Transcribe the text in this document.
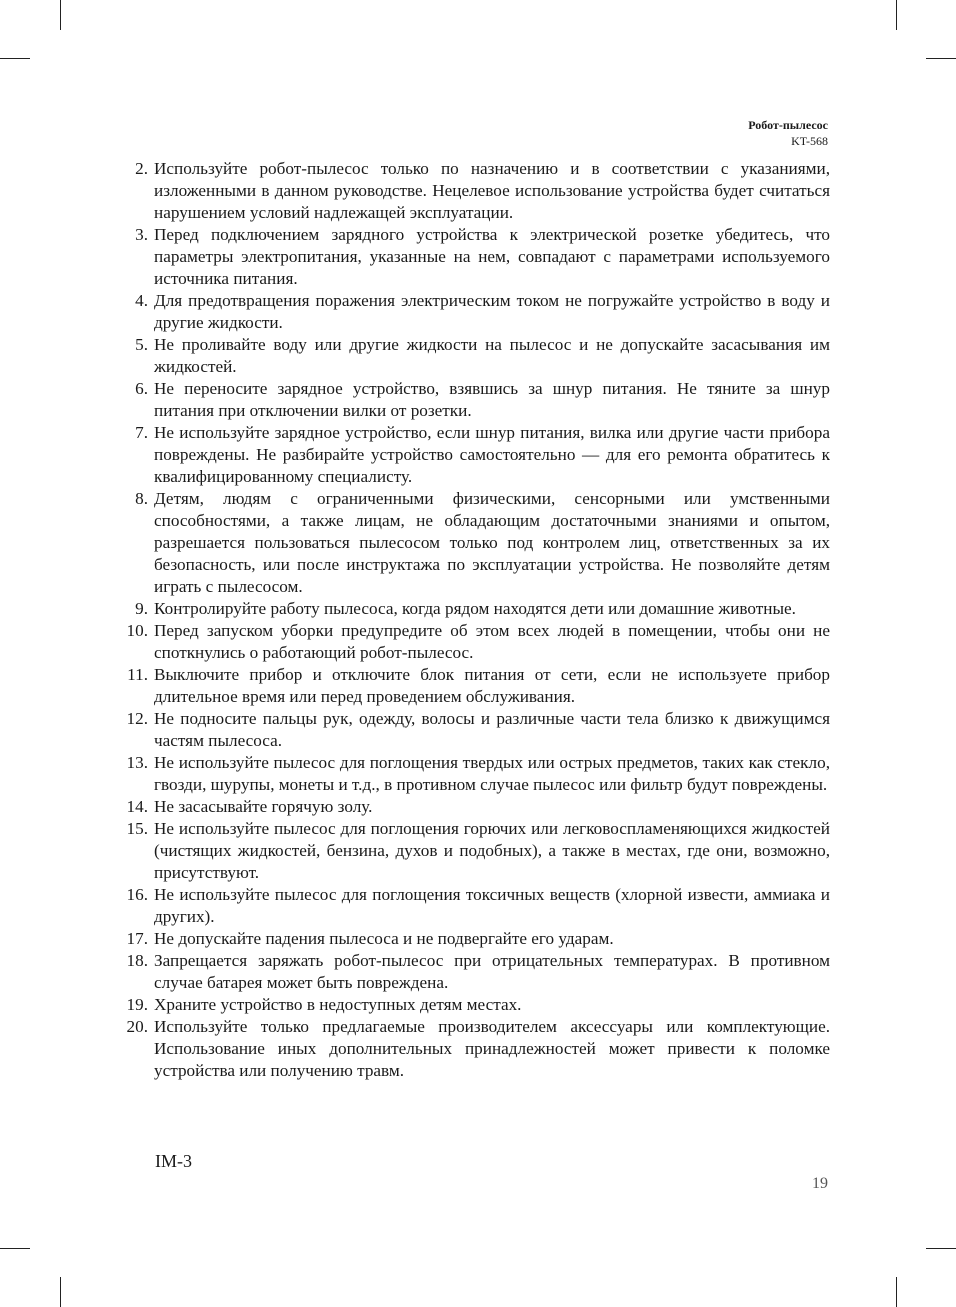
Робот-пылесос
KT-568
2. Используйте робот-пылесос только по назначению и в соответствии с указаниями, изложенными в данном руководстве. Нецелевое использование устройства будет считаться нарушением условий надлежащей эксплуатации.
3. Перед подключением зарядного устройства к электрической розетке убедитесь, что параметры электропитания, указанные на нем, совпадают с параметрами используемого источника питания.
4. Для предотвращения поражения электрическим током не погружайте устройство в воду и другие жидкости.
5. Не проливайте воду или другие жидкости на пылесос и не допускайте засасывания им жидкостей.
6. Не переносите зарядное устройство, взявшись за шнур питания. Не тяните за шнур питания при отключении вилки от розетки.
7. Не используйте зарядное устройство, если шнур питания, вилка или другие части прибора повреждены. Не разбирайте устройство самостоятельно — для его ремонта обратитесь к квалифицированному специалисту.
8. Детям, людям с ограниченными физическими, сенсорными или умственными способностями, а также лицам, не обладающим достаточными знаниями и опытом, разрешается пользоваться пылесосом только под контролем лиц, ответственных за их безопасность, или после инструктажа по эксплуатации устройства. Не позволяйте детям играть с пылесосом.
9. Контролируйте работу пылесоса, когда рядом находятся дети или домашние животные.
10. Перед запуском уборки предупредите об этом всех людей в помещении, чтобы они не споткнулись о работающий робот-пылесос.
11. Выключите прибор и отключите блок питания от сети, если не используете прибор длительное время или перед проведением обслуживания.
12. Не подносите пальцы рук, одежду, волосы и различные части тела близко к движущимся частям пылесоса.
13. Не используйте пылесос для поглощения твердых или острых предметов, таких как стекло, гвозди, шурупы, монеты и т.д., в противном случае пылесос или фильтр будут повреждены.
14. Не засасывайте горячую золу.
15. Не используйте пылесос для поглощения горючих или легковоспламеняющихся жидкостей (чистящих жидкостей, бензина, духов и подобных), а также в местах, где они, возможно, присутствуют.
16. Не используйте пылесос для поглощения токсичных веществ (хлорной извести, аммиака и других).
17. Не допускайте падения пылесоса и не подвергайте его ударам.
18. Запрещается заряжать робот-пылесос при отрицательных температурах. В противном случае батарея может быть повреждена.
19. Храните устройство в недоступных детям местах.
20. Используйте только предлагаемые производителем аксессуары или комплектующие. Использование иных дополнительных принадлежностей может привести к поломке устройства или получению травм.
IM-3
19
